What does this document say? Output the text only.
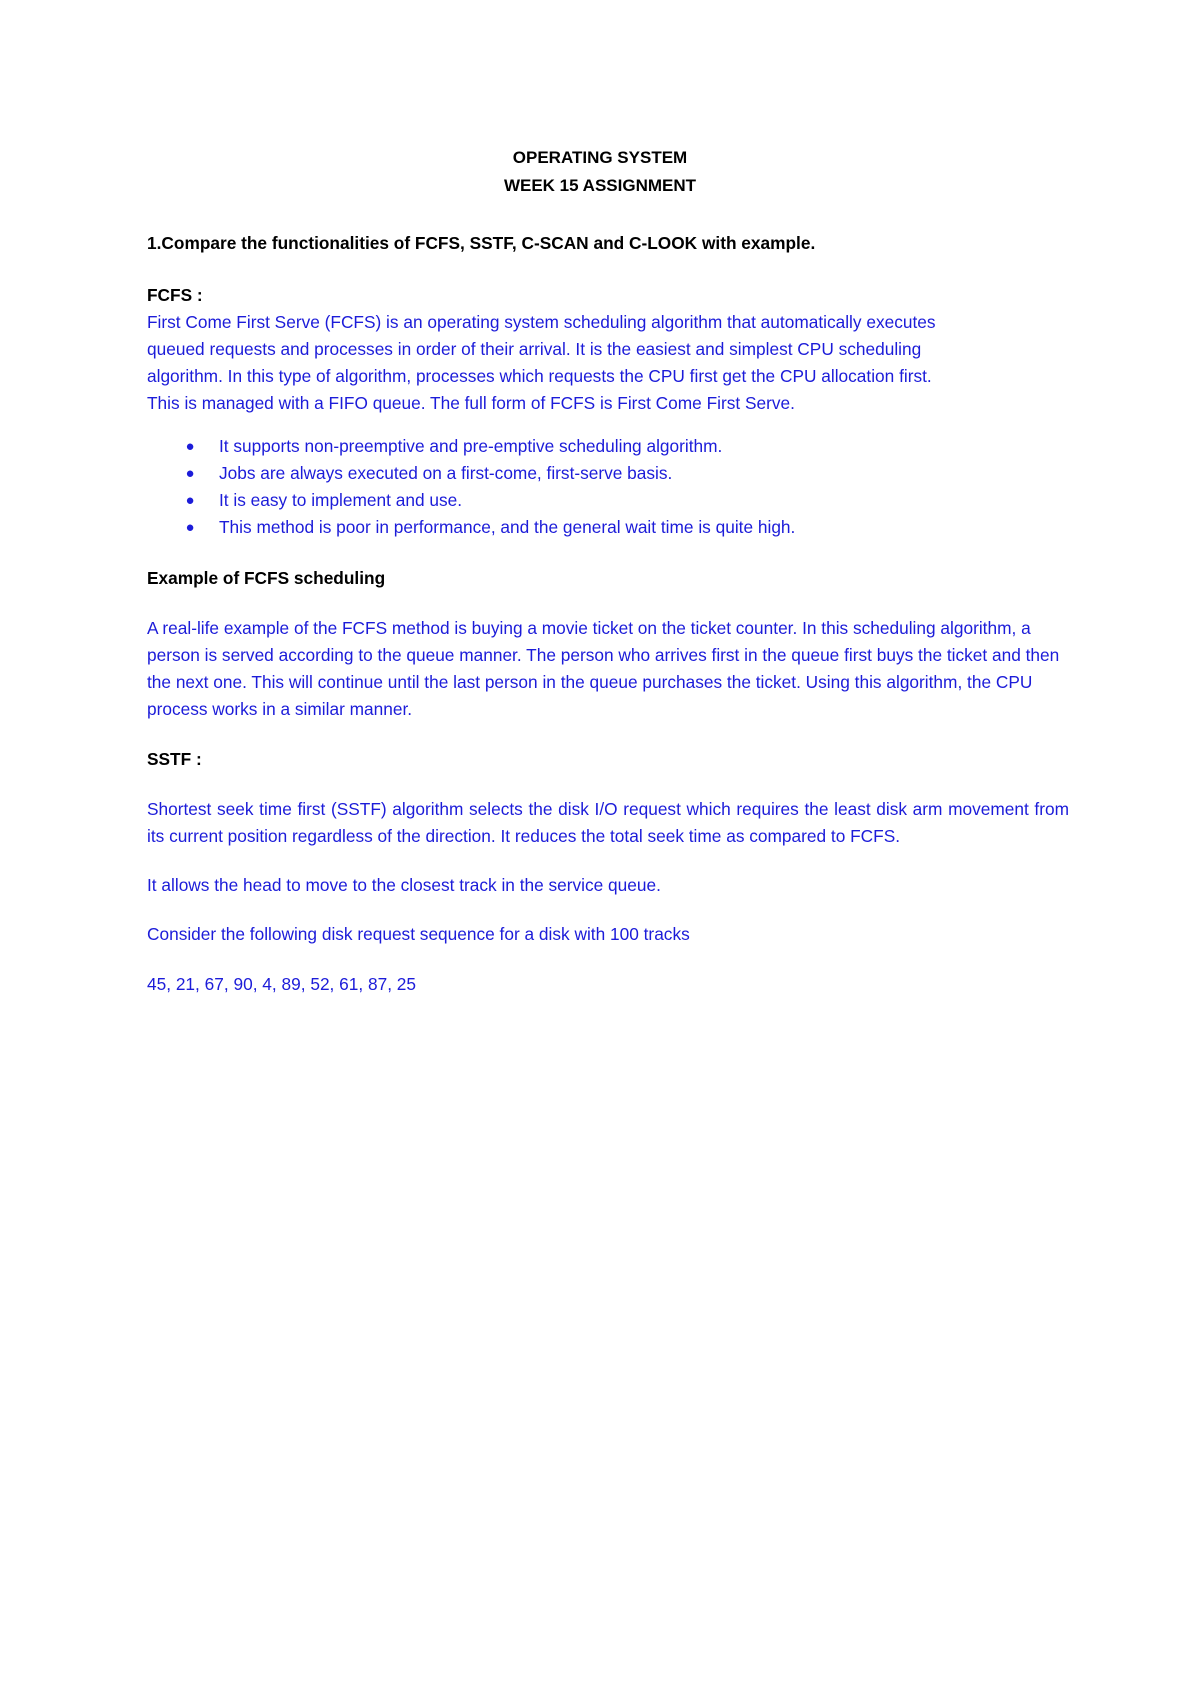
OPERATING SYSTEM
WEEK 15 ASSIGNMENT

1.Compare the functionalities of FCFS, SSTF, C-SCAN and C-LOOK with example.

FCFS :

First Come First Serve (FCFS) is an operating system scheduling algorithm that automatically executes queued requests and processes in order of their arrival. It is the easiest and simplest CPU scheduling algorithm. In this type of algorithm, processes which requests the CPU first get the CPU allocation first. This is managed with a FIFO queue. The full form of FCFS is First Come First Serve.

● It supports non-preemptive and pre-emptive scheduling algorithm.
● Jobs are always executed on a first-come, first-serve basis.
● It is easy to implement and use.
● This method is poor in performance, and the general wait time is quite high.

Example of FCFS scheduling

A real-life example of the FCFS method is buying a movie ticket on the ticket counter. In this scheduling algorithm, a person is served according to the queue manner. The person who arrives first in the queue first buys the ticket and then the next one. This will continue until the last person in the queue purchases the ticket. Using this algorithm, the CPU process works in a similar manner.

SSTF :

Shortest seek time first (SSTF) algorithm selects the disk I/O request which requires the least disk arm movement from its current position regardless of the direction. It reduces the total seek time as compared to FCFS.

It allows the head to move to the closest track in the service queue.

Consider the following disk request sequence for a disk with 100 tracks

45, 21, 67, 90, 4, 89, 52, 61, 87, 25
